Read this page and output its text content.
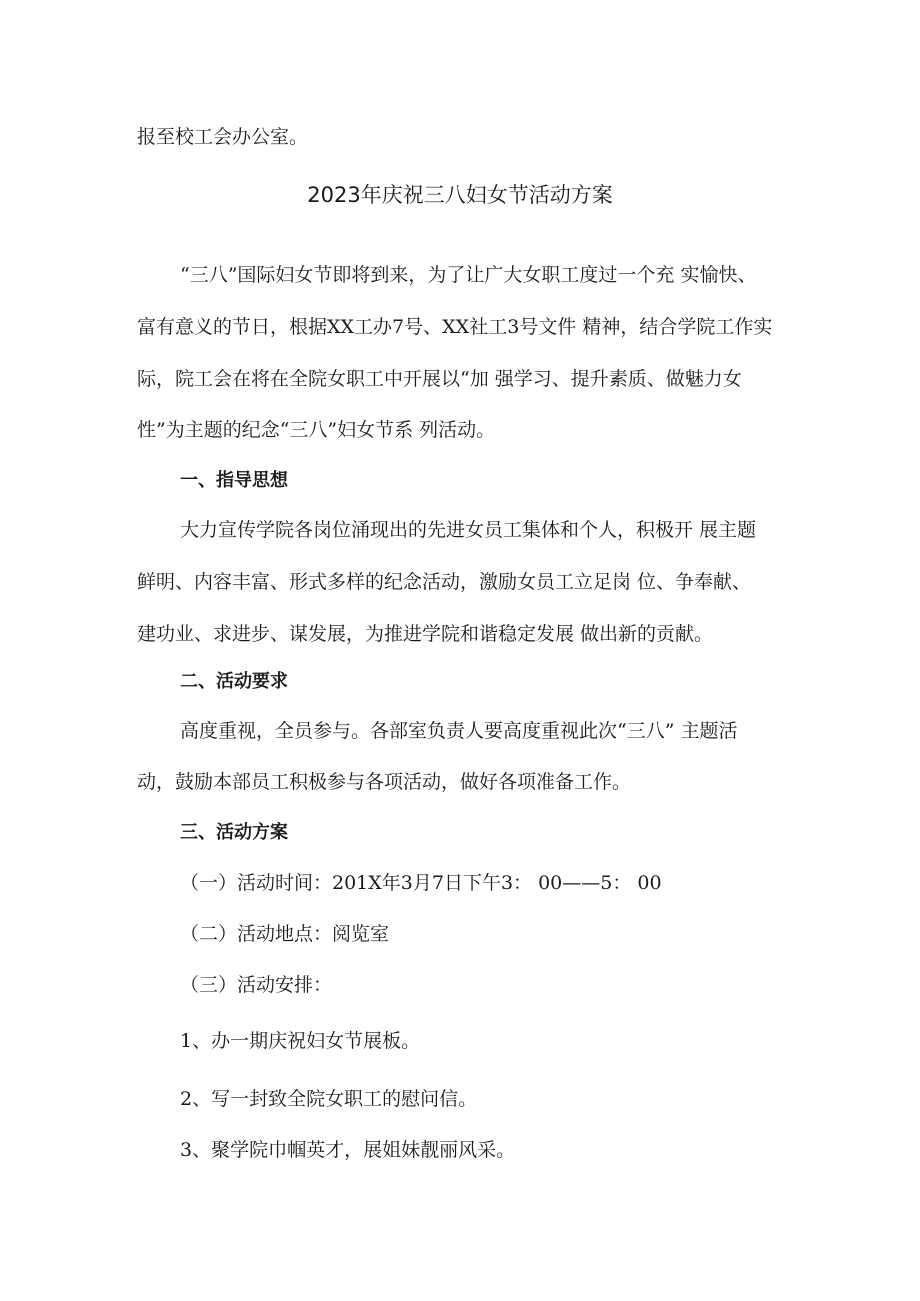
报至校工会办公室。
2023年庆祝三八妇女节活动方案
“三八”国际妇女节即将到来，为了让广大女职工度过一个充 实愉快、
富有意义的节日，根据XX工办7号、XX社工3号文件 精神，结合学院工作实
际，院工会在将在全院女职工中开展以“加 强学习、提升素质、做魅力女
性”为主题的纪念“三八”妇女节系 列活动。
一、指导思想
大力宣传学院各岗位涌现出的先进女员工集体和个人，积极开 展主题
鲜明、内容丰富、形式多样的纪念活动，激励女员工立足岗 位、争奉献、
建功业、求进步、谋发展，为推进学院和谐稳定发展 做出新的贡献。
二、活动要求
高度重视，全员参与。各部室负责人要高度重视此次“三八” 主题活
动，鼓励本部员工积极参与各项活动，做好各项准备工作。
三、活动方案
（一）活动时间：201X年3月7日下午3： 00——5： 00
（二）活动地点：阅览室
（三）活动安排：
1、办一期庆祝妇女节展板。
2、写一封致全院女职工的慰问信。
3、聚学院巾帼英才，展姐妹靓丽风采。
